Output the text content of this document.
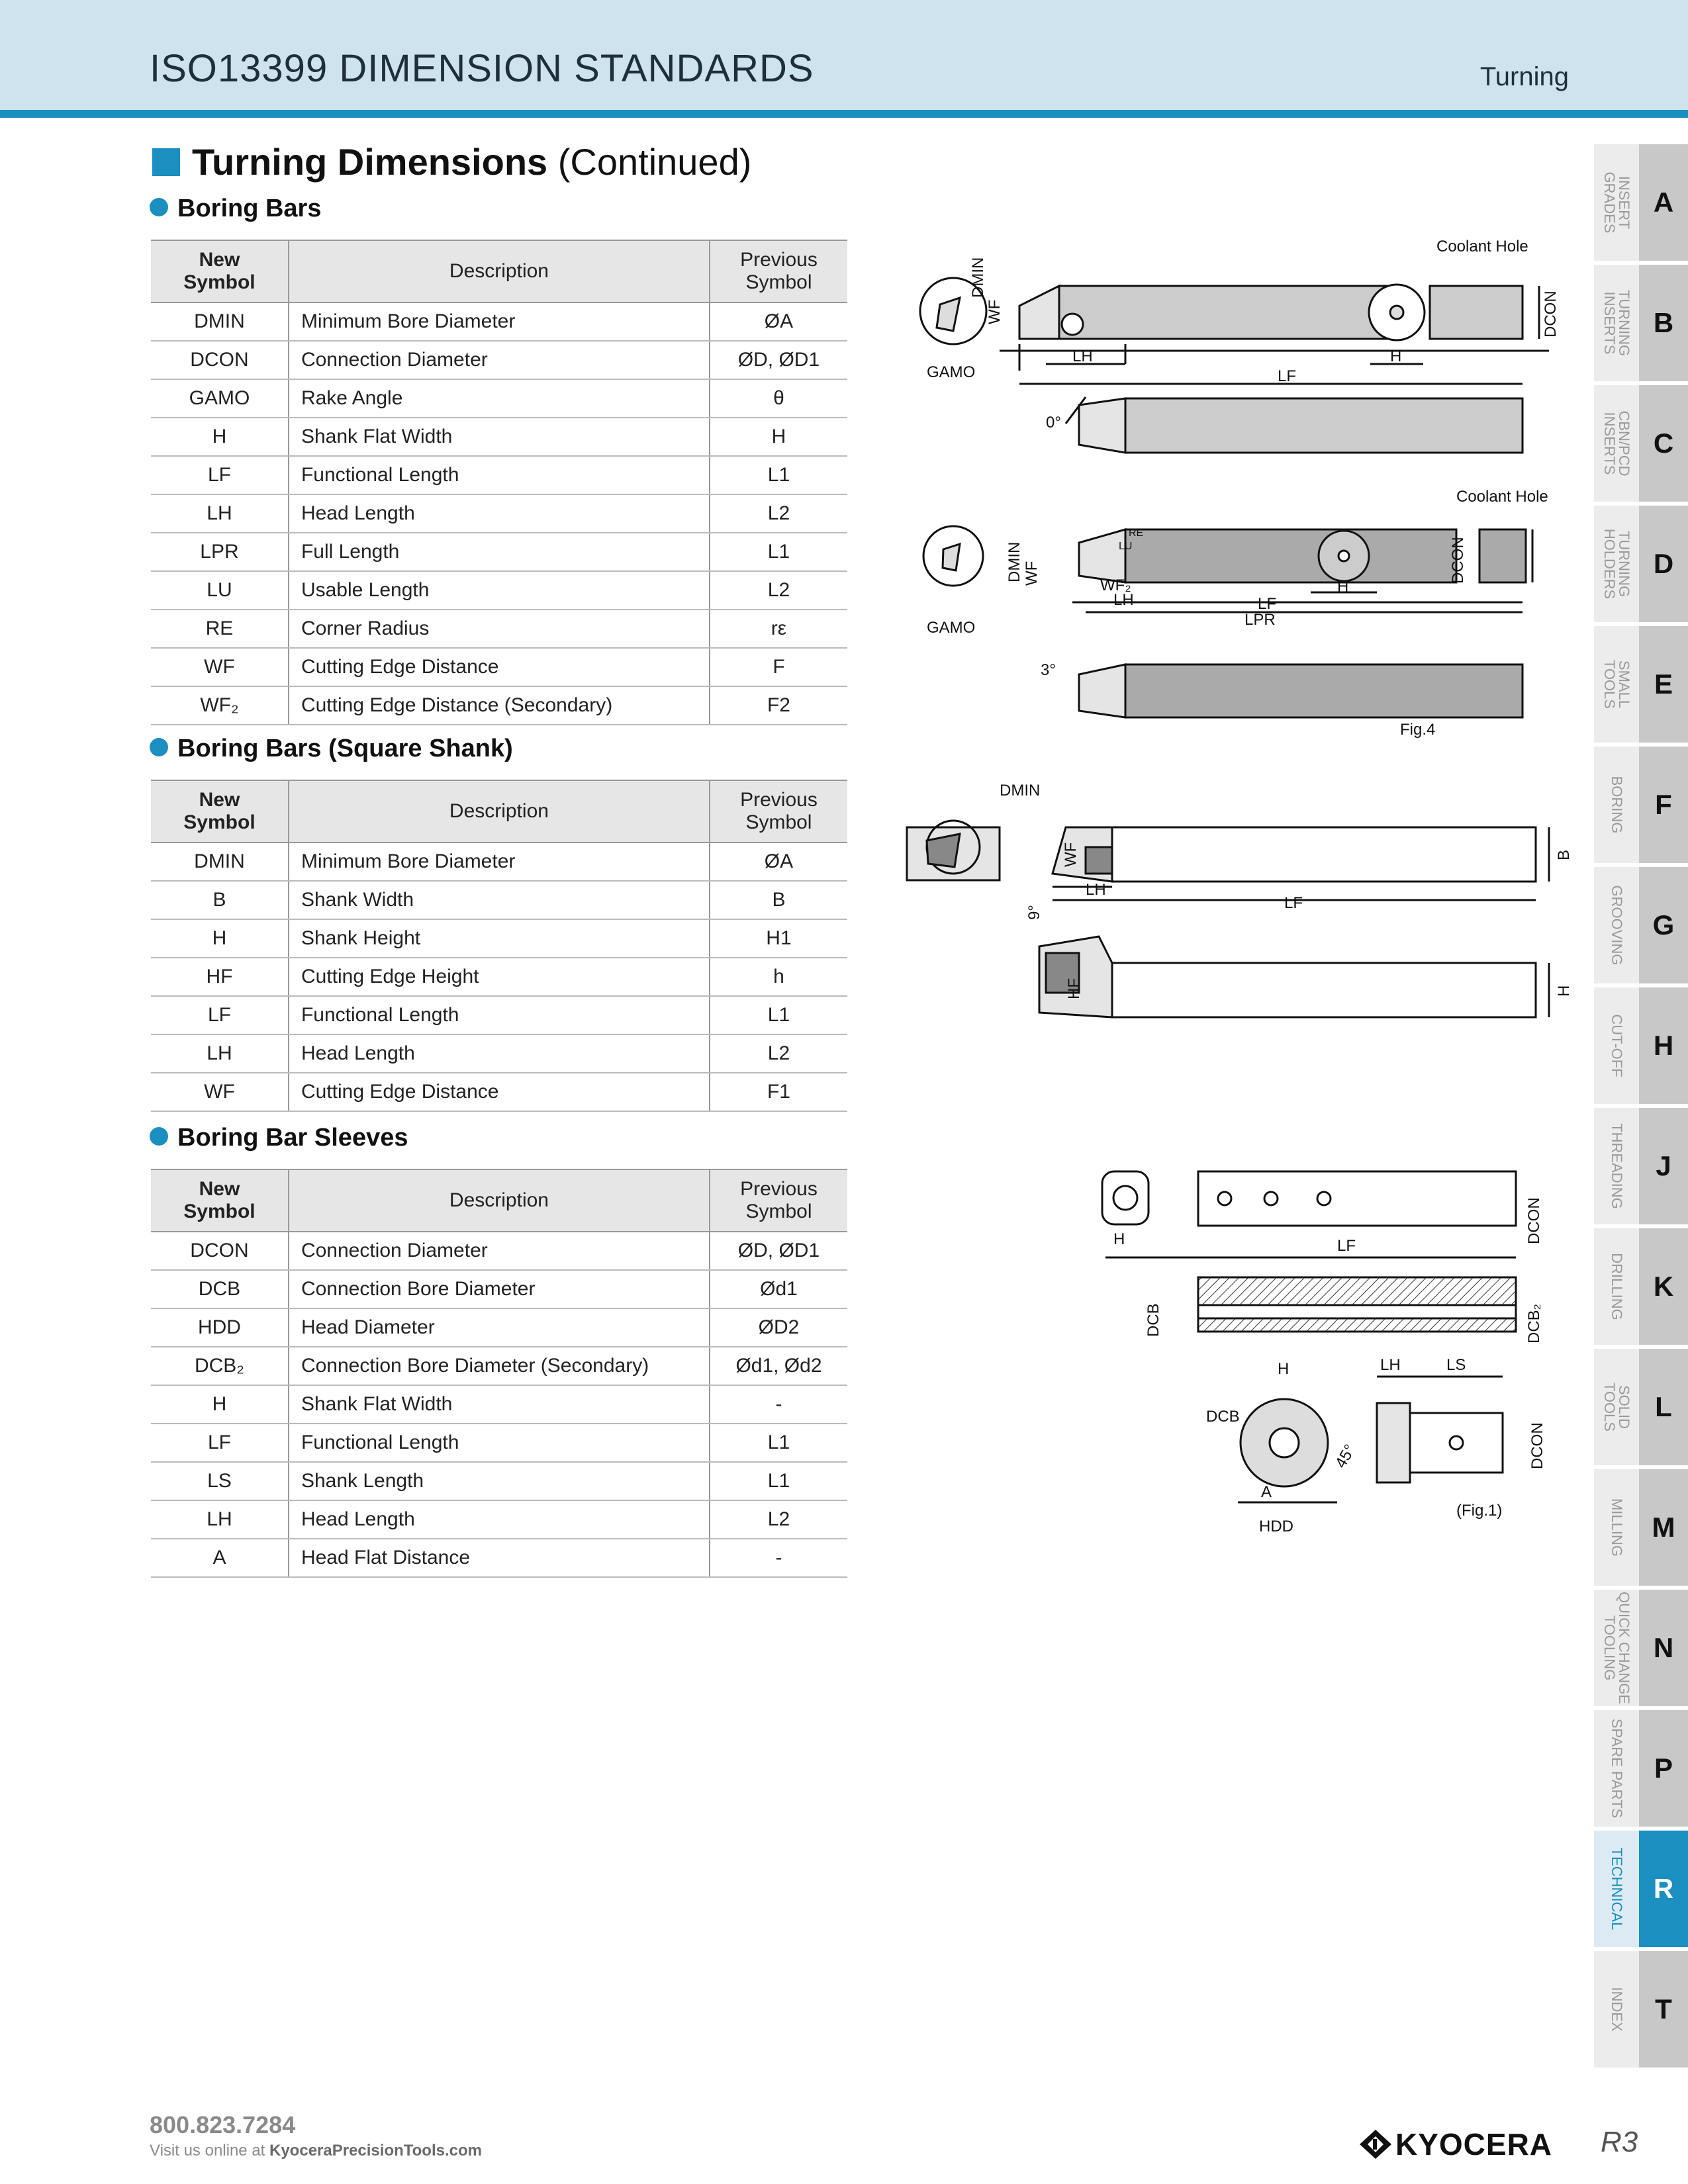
ISO13399 DIMENSION STANDARDS	Turning
Turning Dimensions (Continued)
Boring Bars
New
Symbol	Description	Previous
Symbol
DMIN	Minimum Bore Diameter	ØA
DCON	Connection Diameter	ØD, ØD1
GAMO	Rake Angle	θ
H	Shank Flat Width	H
LF	Functional Length	L1
LH	Head Length	L2
LPR	Full Length	L1
LU	Usable Length	L2
RE	Corner Radius	rε
WF	Cutting Edge Distance	F
WF₂	Cutting Edge Distance (Secondary)	F2
Boring Bars (Square Shank)
New
Symbol	Description	Previous
Symbol
DMIN	Minimum Bore Diameter	ØA
B	Shank Width	B
H	Shank Height	H1
HF	Cutting Edge Height	h
LF	Functional Length	L1
LH	Head Length	L2
WF	Cutting Edge Distance	F1
Boring Bar Sleeves
New
Symbol	Description	Previous
Symbol
DCON	Connection Diameter	ØD, ØD1
DCB	Connection Bore Diameter	Ød1
HDD	Head Diameter	ØD2
DCB₂	Connection Bore Diameter (Secondary)	Ød1, Ød2
H	Shank Flat Width	-
LF	Functional Length	L1
LS	Shank Length	L1
LH	Head Length	L2
A	Head Flat Distance	-
Coolant Hole
GAMO
DMIN
WF
LH
LF
H
DCON
0°
Coolant Hole
GAMO
DMIN WF	WF₂
LH	LF
LPR
H
DCON
LU
RE
3°
Fig.4
DMIN
WF
9°
LH
LF
B
HF	H
H	LF
DCON
DCB	DCB₂
H	LH	LS
DCB
DCON
HDD
A
45°
(Fig.1)
INSERT
GRADES	A
TURNING
INSERTS	B
CBN/PCD
INSERTS	C
TURNING
HOLDERS	D
SMALL
TOOLS	E
BORING	F
GROOVING G
CUT-OFF	H
THREADING	J
DRILLING	K
SOLID
TOOLS	L
MILLING M
QUICK CHANGE
TOOLING	N
SPARE PARTS	P
TECHNICAL	R
INDEX	T
800.823.7284
Visit us online at KyoceraPrecisionTools.com	KYOCERA R3
